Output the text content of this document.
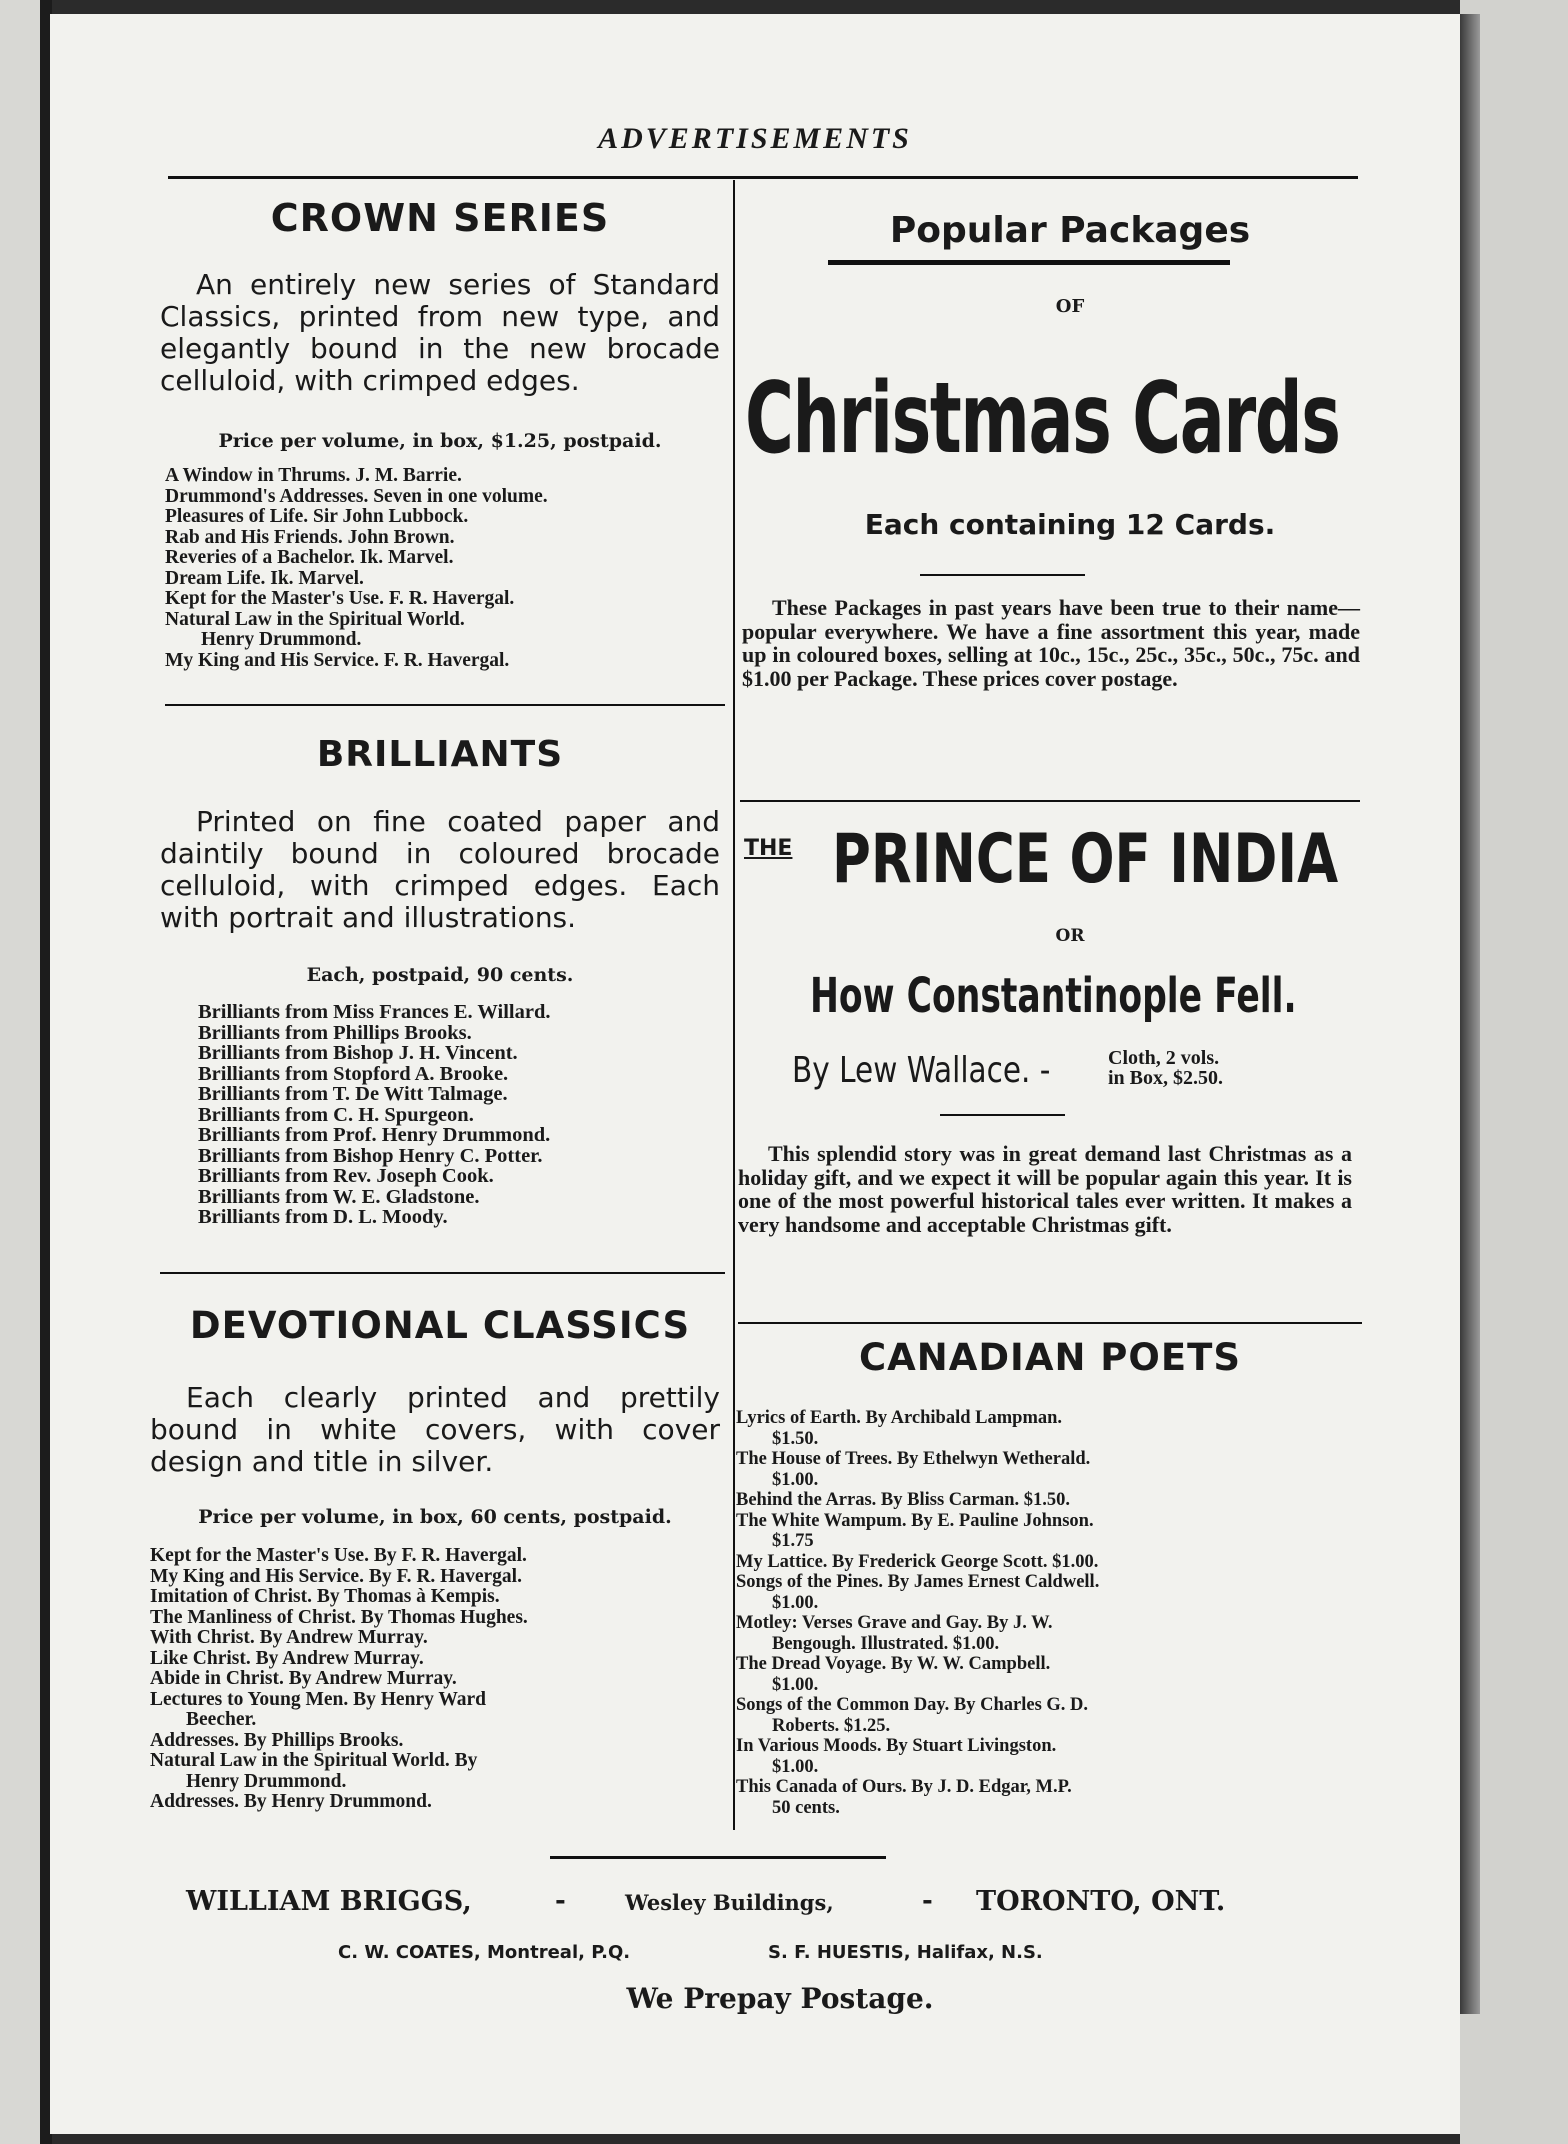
ADVERTISEMENTS
CROWN SERIES
An entirely new series of Standard Classics, printed from new type, and elegantly bound in the new brocade celluloid, with crimped edges.
Price per volume, in box, $1.25, postpaid.
A Window in Thrums. J. M. Barrie.
Drummond's Addresses. Seven in one volume.
Pleasures of Life. Sir John Lubbock.
Rab and His Friends. John Brown.
Reveries of a Bachelor. Ik. Marvel.
Dream Life. Ik. Marvel.
Kept for the Master's Use. F. R. Havergal.
Natural Law in the Spiritual World.
Henry Drummond.
My King and His Service. F. R. Havergal.
BRILLIANTS
Printed on fine coated paper and daintily bound in coloured brocade celluloid, with crimped edges. Each with portrait and illustrations.
Each, postpaid, 90 cents.
Brilliants from Miss Frances E. Willard.
Brilliants from Phillips Brooks.
Brilliants from Bishop J. H. Vincent.
Brilliants from Stopford A. Brooke.
Brilliants from T. De Witt Talmage.
Brilliants from C. H. Spurgeon.
Brilliants from Prof. Henry Drummond.
Brilliants from Bishop Henry C. Potter.
Brilliants from Rev. Joseph Cook.
Brilliants from W. E. Gladstone.
Brilliants from D. L. Moody.
DEVOTIONAL CLASSICS
Each clearly printed and prettily bound in white covers, with cover design and title in silver.
Price per volume, in box, 60 cents, postpaid.
Kept for the Master's Use. By F. R. Havergal.
My King and His Service. By F. R. Havergal.
Imitation of Christ. By Thomas à Kempis.
The Manliness of Christ. By Thomas Hughes.
With Christ. By Andrew Murray.
Like Christ. By Andrew Murray.
Abide in Christ. By Andrew Murray.
Lectures to Young Men. By Henry Ward
Beecher.
Addresses. By Phillips Brooks.
Natural Law in the Spiritual World. By
Henry Drummond.
Addresses. By Henry Drummond.
Popular Packages
OF
Christmas Cards
Each containing 12 Cards.
These Packages in past years have been true to their name—popular everywhere. We have a fine assortment this year, made up in coloured boxes, selling at 10c., 15c., 25c., 35c., 50c., 75c. and $1.00 per Package. These prices cover postage.
THE PRINCE OF INDIA
OR
How Constantinople Fell.
By Lew Wallace. -	Cloth, 2 vols.
in Box, $2.50.
This splendid story was in great demand last Christmas as a holiday gift, and we expect it will be popular again this year. It is one of the most powerful historical tales ever written. It makes a very handsome and acceptable Christmas gift.
CANADIAN POETS
Lyrics of Earth. By Archibald Lampman.
$1.50.
The House of Trees. By Ethelwyn Wetherald.
$1.00.
Behind the Arras. By Bliss Carman. $1.50.
The White Wampum. By E. Pauline Johnson.
$1.75
My Lattice. By Frederick George Scott. $1.00.
Songs of the Pines. By James Ernest Caldwell.
$1.00.
Motley: Verses Grave and Gay. By J. W.
Bengough. Illustrated. $1.00.
The Dread Voyage. By W. W. Campbell.
$1.00.
Songs of the Common Day. By Charles G. D.
Roberts. $1.25.
In Various Moods. By Stuart Livingston.
$1.00.
This Canada of Ours. By J. D. Edgar, M.P.
50 cents.
WILLIAM BRIGGS,	-	Wesley Buildings,	- TORONTO, ONT.
C. W. COATES, Montreal, P.Q.	S. F. HUESTIS, Halifax, N.S.
We Prepay Postage.
